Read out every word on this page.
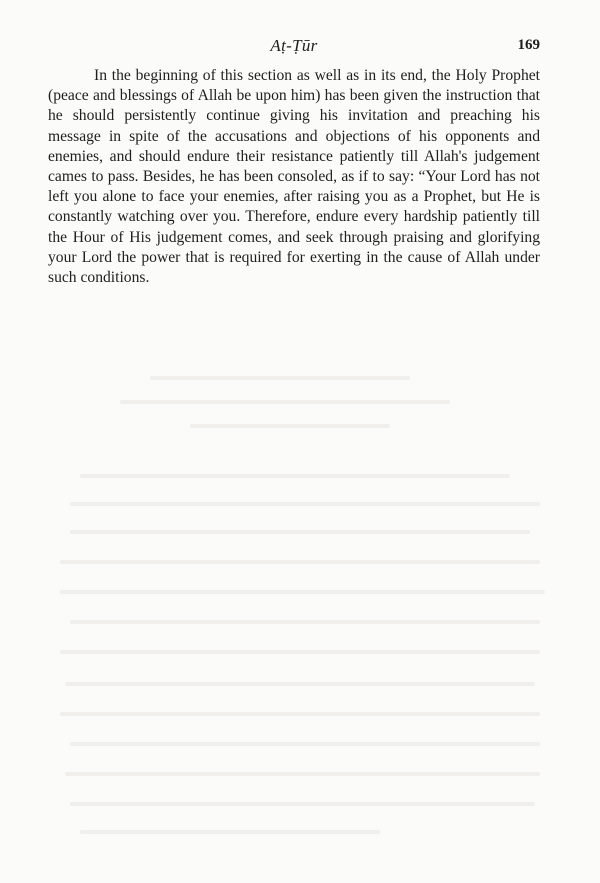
Aṭ-Ṭūr	169

In the beginning of this section as well as in its end, the Holy Prophet (peace and blessings of Allah be upon him) has been given the instruction that he should persistently continue giving his invitation and preaching his message in spite of the accusations and objections of his opponents and enemies, and should endure their resistance patiently till Allah's judgement cames to pass. Besides, he has been consoled, as if to say: “Your Lord has not left you alone to face your enemies, after raising you as a Prophet, but He is constantly watching over you. Therefore, endure every hardship patiently till the Hour of His judgement comes, and seek through praising and glorifying your Lord the power that is required for exerting in the cause of Allah under such conditions.
